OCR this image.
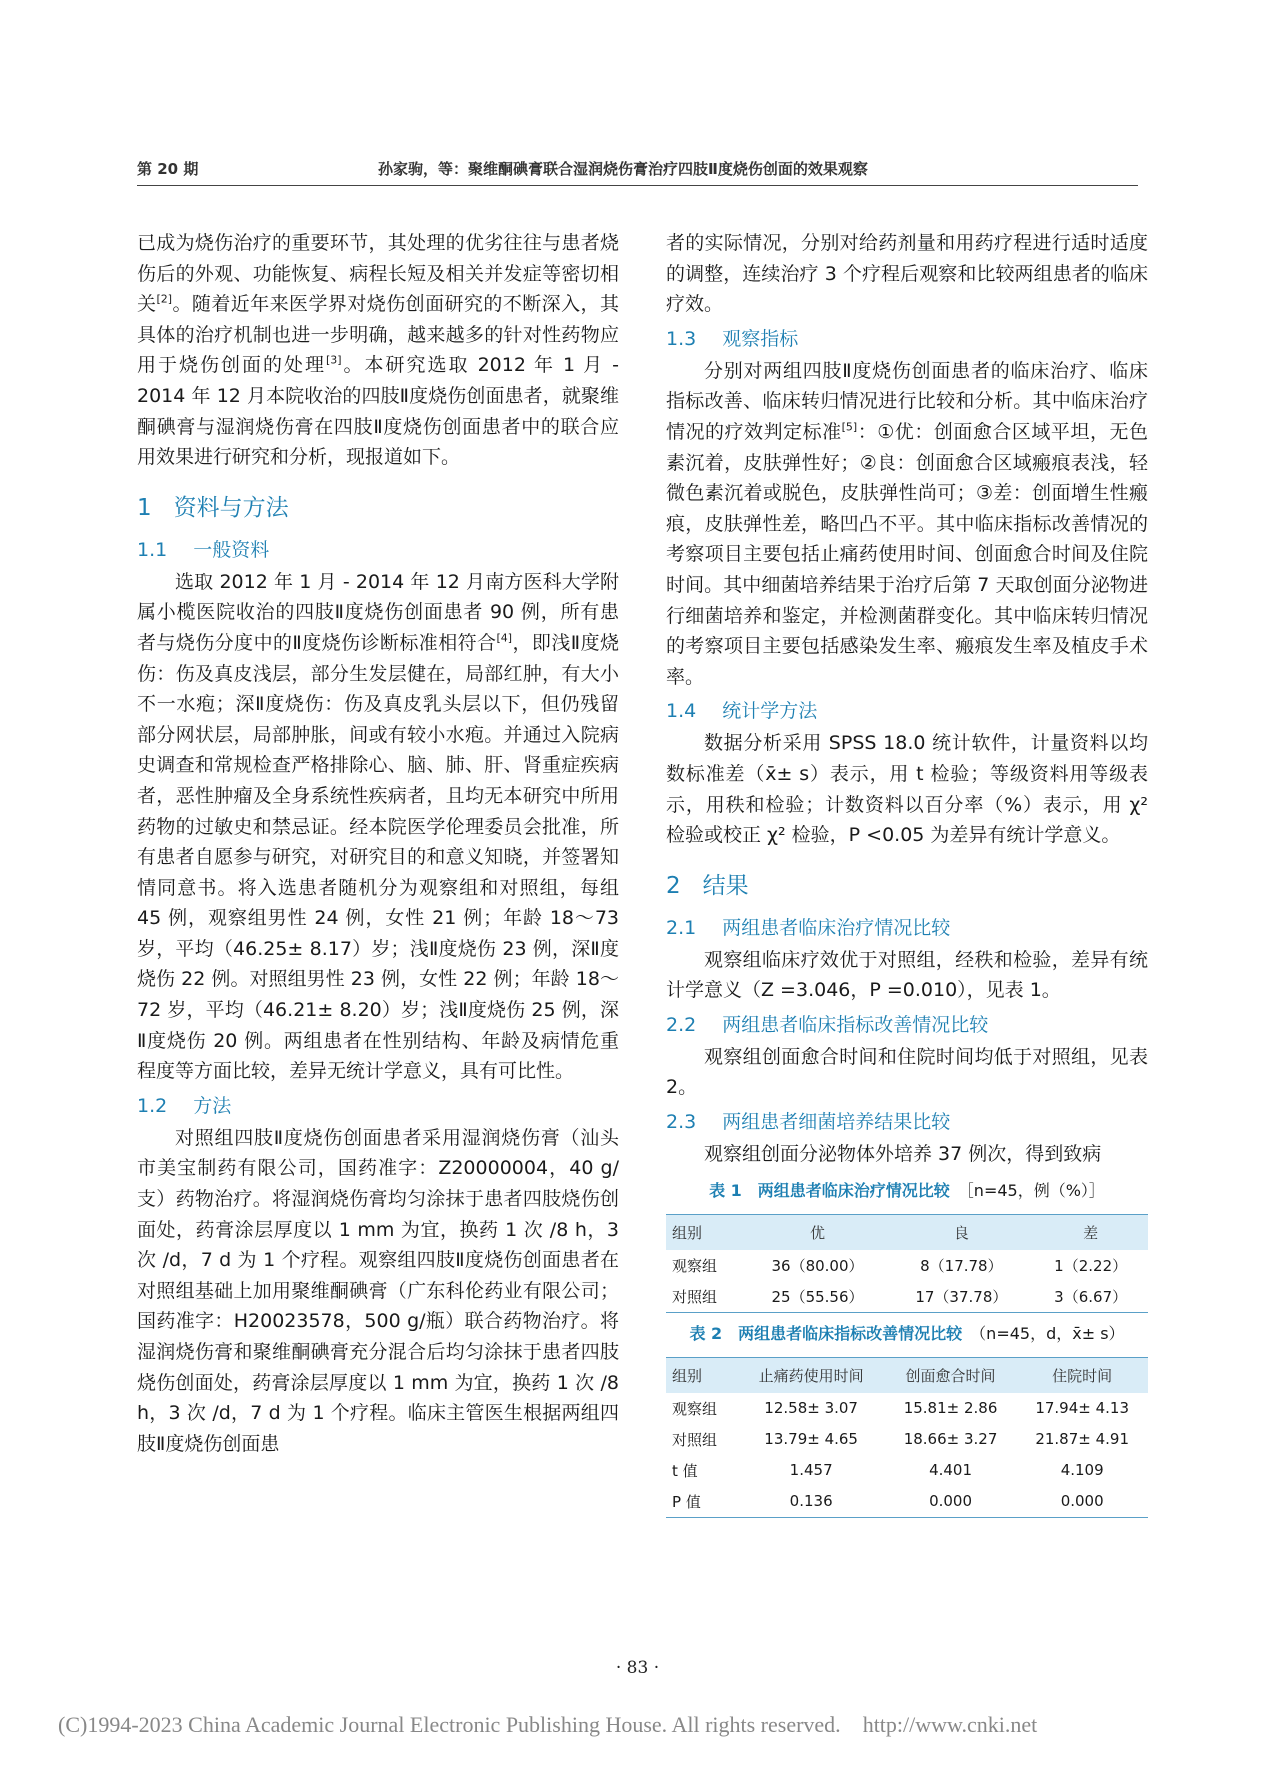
第 20 期	孙家驹，等：聚维酮碘膏联合湿润烧伤膏治疗四肢Ⅱ度烧伤创面的效果观察

已成为烧伤治疗的重要环节，其处理的优劣往往与患者烧伤后的外观、功能恢复、病程长短及相关并发症等密切相关[2]。随着近年来医学界对烧伤创面研究的不断深入，其具体的治疗机制也进一步明确，越来越多的针对性药物应用于烧伤创面的处理[3]。本研究选取 2012 年 1 月 - 2014 年 12 月本院收治的四肢Ⅱ度烧伤创面患者，就聚维酮碘膏与湿润烧伤膏在四肢Ⅱ度烧伤创面患者中的联合应用效果进行研究和分析，现报道如下。

1 资料与方法
1.1 一般资料

选取 2012 年 1 月 - 2014 年 12 月南方医科大学附属小榄医院收治的四肢Ⅱ度烧伤创面患者 90 例，所有患者与烧伤分度中的Ⅱ度烧伤诊断标准相符合[4]，即浅Ⅱ度烧伤：伤及真皮浅层，部分生发层健在，局部红肿，有大小不一水疱；深Ⅱ度烧伤：伤及真皮乳头层以下，但仍残留部分网状层，局部肿胀，间或有较小水疱。并通过入院病史调查和常规检查严格排除心、脑、肺、肝、肾重症疾病者，恶性肿瘤及全身系统性疾病者，且均无本研究中所用药物的过敏史和禁忌证。经本院医学伦理委员会批准，所有患者自愿参与研究，对研究目的和意义知晓，并签署知情同意书。将入选患者随机分为观察组和对照组，每组 45 例，观察组男性 24 例，女性 21 例；年龄 18～73 岁，平均（46.25± 8.17）岁；浅Ⅱ度烧伤 23 例，深Ⅱ度烧伤 22 例。对照组男性 23 例，女性 22 例；年龄 18～72 岁，平均（46.21± 8.20）岁；浅Ⅱ度烧伤 25 例，深Ⅱ度烧伤 20 例。两组患者在性别结构、年龄及病情危重程度等方面比较，差异无统计学意义，具有可比性。

1.2 方法

对照组四肢Ⅱ度烧伤创面患者采用湿润烧伤膏（汕头市美宝制药有限公司，国药准字：Z20000004，40 g/支）药物治疗。将湿润烧伤膏均匀涂抹于患者四肢烧伤创面处，药膏涂层厚度以 1 mm 为宜，换药 1 次 /8 h，3 次 /d，7 d 为 1 个疗程。观察组四肢Ⅱ度烧伤创面患者在对照组基础上加用聚维酮碘膏（广东科伦药业有限公司；国药准字：H20023578，500 g/瓶）联合药物治疗。将湿润烧伤膏和聚维酮碘膏充分混合后均匀涂抹于患者四肢烧伤创面处，药膏涂层厚度以 1 mm 为宜，换药 1 次 /8 h，3 次 /d，7 d 为 1 个疗程。临床主管医生根据两组四肢Ⅱ度烧伤创面患

者的实际情况，分别对给药剂量和用药疗程进行适时适度的调整，连续治疗 3 个疗程后观察和比较两组患者的临床疗效。

1.3 观察指标

分别对两组四肢Ⅱ度烧伤创面患者的临床治疗、临床指标改善、临床转归情况进行比较和分析。其中临床治疗情况的疗效判定标准[5]：①优：创面愈合区域平坦，无色素沉着，皮肤弹性好；②良：创面愈合区域瘢痕表浅，轻微色素沉着或脱色，皮肤弹性尚可；③差：创面增生性瘢痕，皮肤弹性差，略凹凸不平。其中临床指标改善情况的考察项目主要包括止痛药使用时间、创面愈合时间及住院时间。其中细菌培养结果于治疗后第 7 天取创面分泌物进行细菌培养和鉴定，并检测菌群变化。其中临床转归情况的考察项目主要包括感染发生率、瘢痕发生率及植皮手术率。

1.4 统计学方法

数据分析采用 SPSS 18.0 统计软件，计量资料以均数标准差（x̄± s）表示，用 t 检验；等级资料用等级表示，用秩和检验；计数资料以百分率（%）表示，用 χ² 检验或校正 χ² 检验，P <0.05 为差异有统计学意义。

2 结果
2.1 两组患者临床治疗情况比较

观察组临床疗效优于对照组，经秩和检验，差异有统计学意义（Z =3.046，P =0.010），见表 1。

2.2 两组患者临床指标改善情况比较

观察组创面愈合时间和住院时间均低于对照组，见表 2。

2.3 两组患者细菌培养结果比较

观察组创面分泌物体外培养 37 例次，得到致病

表 1　两组患者临床治疗情况比较　 ［n=45，例（%）］
组别	优	良	差
观察组	36（80.00）	8（17.78）	1（2.22）
对照组	25（55.56）	17（37.78）	3（6.67）
表 2　两组患者临床指标改善情况比较　 （n=45，d，x̄± s）
组别	止痛药使用时间	创面愈合时间	住院时间
观察组	12.58± 3.07	15.81± 2.86	17.94± 4.13
对照组	13.79± 4.65	18.66± 3.27	21.87± 4.91
t 值	1.457	4.401	4.109
P 值	0.136	0.000	0.000
· 83 ·
(C)1994-2023 China Academic Journal Electronic Publishing House. All rights reserved. http://www.cnki.net
